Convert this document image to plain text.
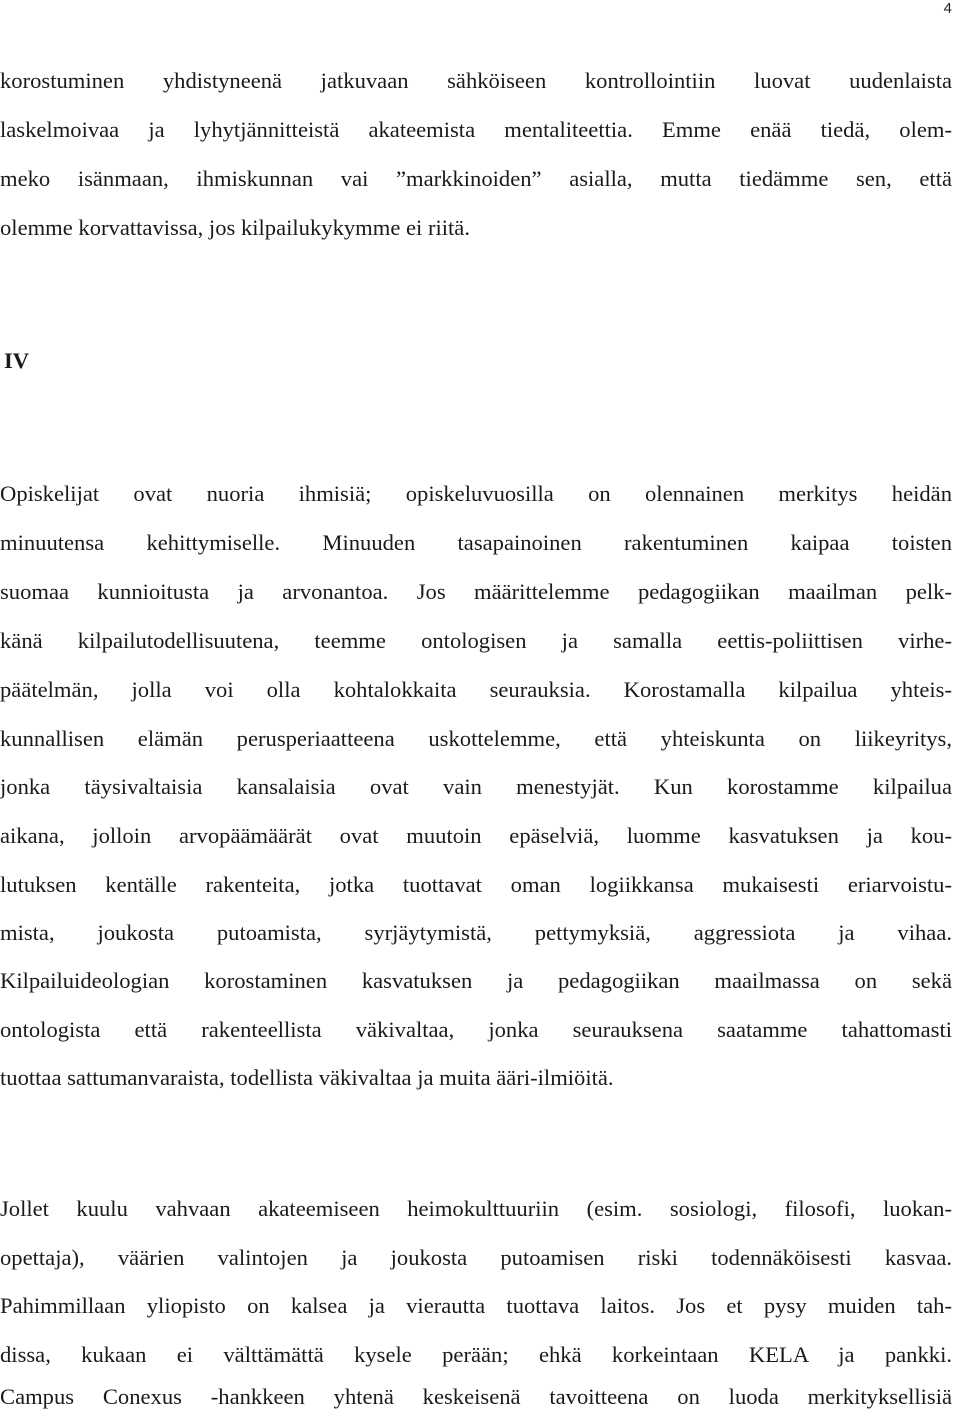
4
korostuminen yhdistyneenä jatkuvaan sähköiseen kontrollointiin luovat uudenlaista
laskelmoivaa ja lyhytjännitteistä akateemista mentaliteettia. Emme enää tiedä, olem-
meko isänmaan, ihmiskunnan vai ”markkinoiden” asialla, mutta tiedämme sen, että
olemme korvattavissa, jos kilpailukykymme ei riitä.
IV
Opiskelijat ovat nuoria ihmisiä; opiskeluvuosilla on olennainen merkitys heidän
minuutensa kehittymiselle. Minuuden tasapainoinen rakentuminen kaipaa toisten
suomaa kunnioitusta ja arvonantoa. Jos määrittelemme pedagogiikan maailman pelk-
känä kilpailutodellisuutena, teemme ontologisen ja samalla eettis-poliittisen virhe-
päätelmän, jolla voi olla kohtalokkaita seurauksia. Korostamalla kilpailua yhteis-
kunnallisen elämän perusperiaatteena uskottelemme, että yhteiskunta on liikeyritys,
jonka täysivaltaisia kansalaisia ovat vain menestyjät. Kun korostamme kilpailua
aikana, jolloin arvopäämäärät ovat muutoin epäselviä, luomme kasvatuksen ja kou-
lutuksen kentälle rakenteita, jotka tuottavat oman logiikkansa mukaisesti eriarvoistu-
mista, joukosta putoamista, syrjäytymistä, pettymyksiä, aggressiota ja vihaa.
Kilpailuideologian korostaminen kasvatuksen ja pedagogiikan maailmassa on sekä
ontologista että rakenteellista väkivaltaa, jonka seurauksena saatamme tahattomasti
tuottaa sattumanvaraista, todellista väkivaltaa ja muita ääri-ilmiöitä.
Jollet kuulu vahvaan akateemiseen heimokulttuuriin (esim. sosiologi, filosofi, luokan-
opettaja), väärien valintojen ja joukosta putoamisen riski todennäköisesti kasvaa.
Pahimmillaan yliopisto on kalsea ja vierautta tuottava laitos. Jos et pysy muiden tah-
dissa, kukaan ei välttämättä kysele perään; ehkä korkeintaan KELA ja pankki.
Campus Conexus -hankkeen yhtenä keskeisenä tavoitteena on luoda merkityksellisiä
